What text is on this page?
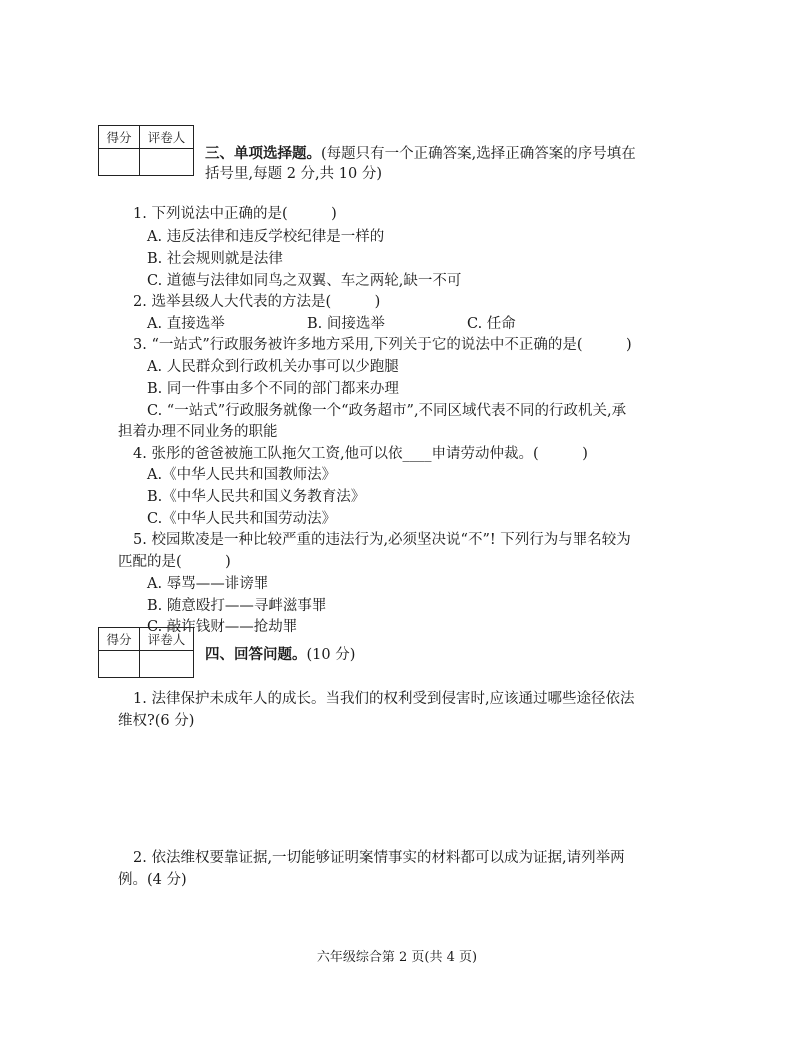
得分	评卷人

三、单项选择题。(每题只有一个正确答案,选择正确答案的序号填在
括号里,每题 2 分,共 10 分)
1. 下列说法中正确的是(　　　)
A. 违反法律和违反学校纪律是一样的
B. 社会规则就是法律
C. 道德与法律如同鸟之双翼、车之两轮,缺一不可
2. 选举县级人大代表的方法是(　　　)
A. 直接选举	B. 间接选举	C. 任命
3. “一站式”行政服务被许多地方采用,下列关于它的说法中不正确的是(　　　)
A. 人民群众到行政机关办事可以少跑腿
B. 同一件事由多个不同的部门都来办理
C. “一站式”行政服务就像一个“政务超市”,不同区域代表不同的行政机关,承
担着办理不同业务的职能
4. 张彤的爸爸被施工队拖欠工资,他可以依____申请劳动仲裁。(　　　)
A.《中华人民共和国教师法》
B.《中华人民共和国义务教育法》
C.《中华人民共和国劳动法》
5. 校园欺凌是一种比较严重的违法行为,必须坚决说“不”! 下列行为与罪名较为
匹配的是(　　　)
A. 辱骂——诽谤罪
B. 随意殴打——寻衅滋事罪
C. 敲诈钱财——抢劫罪
得分	评卷人

四、回答问题。(10 分)
1. 法律保护未成年人的成长。当我们的权利受到侵害时,应该通过哪些途径依法
维权?(6 分)
2. 依法维权要靠证据,一切能够证明案情事实的材料都可以成为证据,请列举两
例。(4 分)
六年级综合第 2 页(共 4 页)
